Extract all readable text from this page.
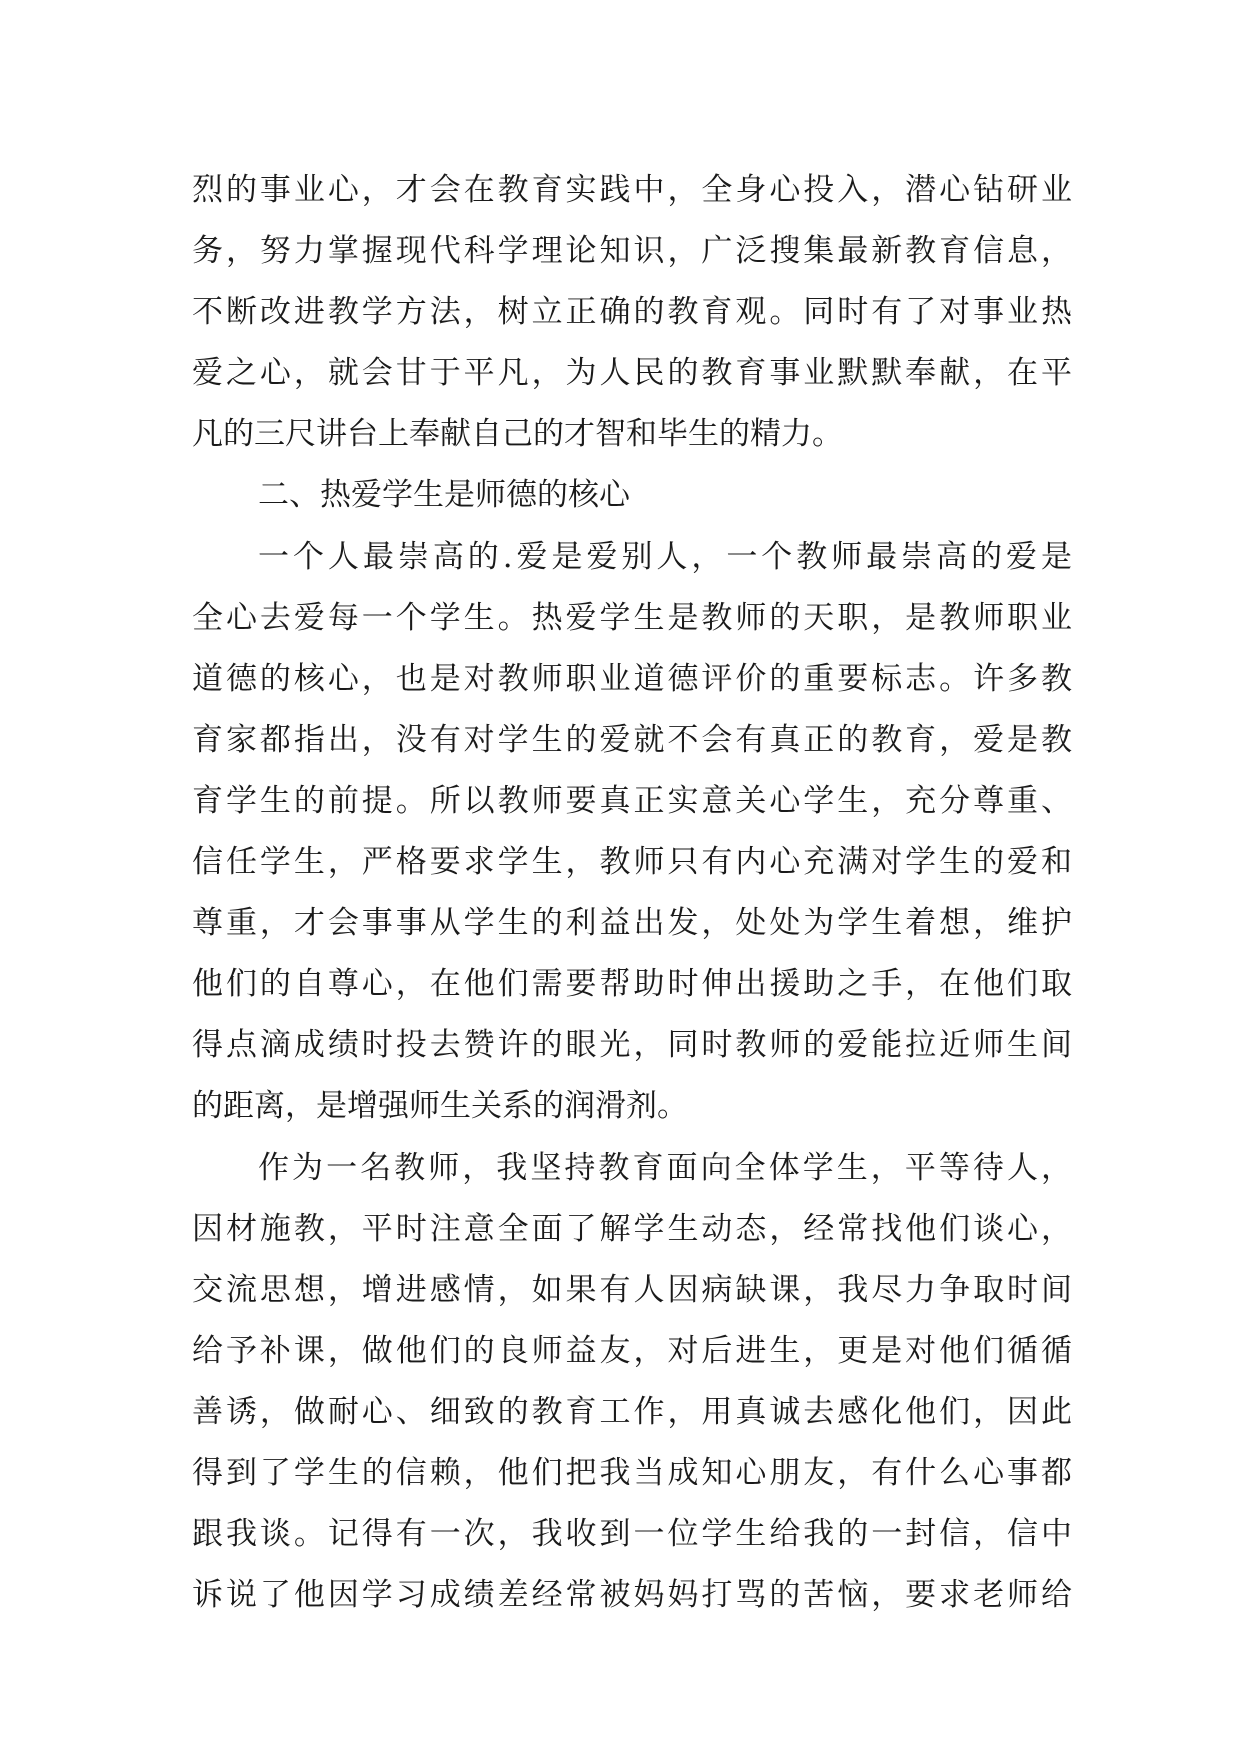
烈的事业心，才会在教育实践中，全身心投入，潜心钻研业
务，努力掌握现代科学理论知识，广泛搜集最新教育信息，
不断改进教学方法，树立正确的教育观。同时有了对事业热
爱之心，就会甘于平凡，为人民的教育事业默默奉献，在平
凡的三尺讲台上奉献自己的才智和毕生的精力。
二、热爱学生是师德的核心
一个人最崇高的.爱是爱别人，一个教师最崇高的爱是
全心去爱每一个学生。热爱学生是教师的天职，是教师职业
道德的核心，也是对教师职业道德评价的重要标志。许多教
育家都指出，没有对学生的爱就不会有真正的教育，爱是教
育学生的前提。所以教师要真正实意关心学生，充分尊重、
信任学生，严格要求学生，教师只有内心充满对学生的爱和
尊重，才会事事从学生的利益出发，处处为学生着想，维护
他们的自尊心，在他们需要帮助时伸出援助之手，在他们取
得点滴成绩时投去赞许的眼光，同时教师的爱能拉近师生间
的距离，是增强师生关系的润滑剂。
作为一名教师，我坚持教育面向全体学生，平等待人，
因材施教，平时注意全面了解学生动态，经常找他们谈心，
交流思想，增进感情，如果有人因病缺课，我尽力争取时间
给予补课，做他们的良师益友，对后进生，更是对他们循循
善诱，做耐心、细致的教育工作，用真诚去感化他们，因此
得到了学生的信赖，他们把我当成知心朋友，有什么心事都
跟我谈。记得有一次，我收到一位学生给我的一封信，信中
诉说了他因学习成绩差经常被妈妈打骂的苦恼，要求老师给
